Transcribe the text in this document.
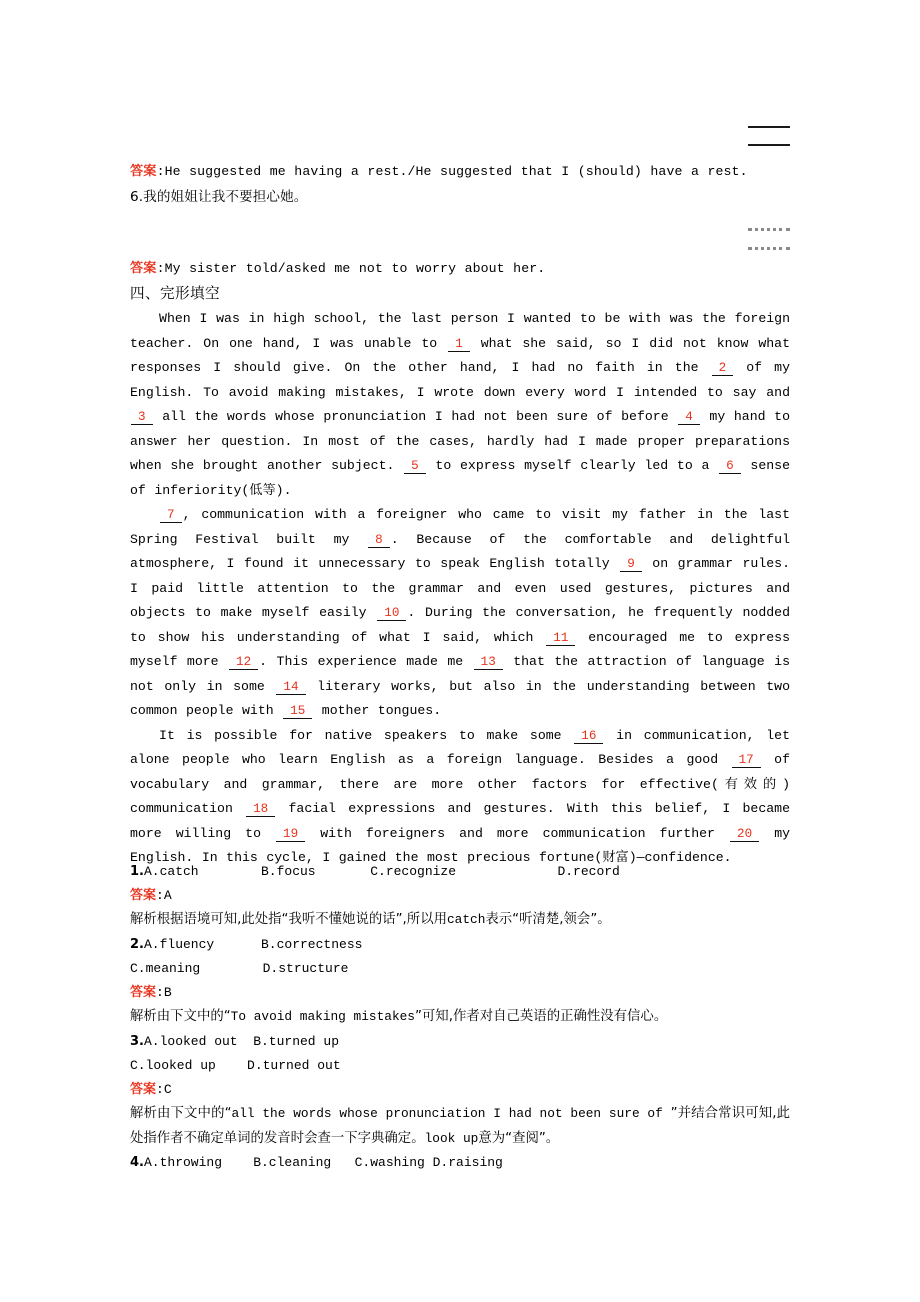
答案:He suggested me having a rest./He suggested that I (should) have a rest.
6.我的姐姐让我不要担心她。
答案:My sister told/asked me not to worry about her.
四、完形填空

When I was in high school, the last person I wanted to be with was the foreign teacher. On one hand, I was unable to 1 what she said, so I did not know what responses I should give. On the other hand, I had no faith in the 2 of my English. To avoid making mistakes, I wrote down every word I intended to say and 3 all the words whose pronunciation I had not been sure of before 4 my hand to answer her question. In most of the cases, hardly had I made proper preparations when she brought another subject. 5 to express myself clearly led to a 6 sense of inferiority(低等).

7 , communication with a foreigner who came to visit my father in the last Spring Festival built my 8 . Because of the comfortable and delightful atmosphere, I found it unnecessary to speak English totally 9 on grammar rules. I paid little attention to the grammar and even used gestures, pictures and objects to make myself easily 10 . During the conversation, he frequently nodded to show his understanding of what I said, which 11 encouraged me to express myself more 12 . This experience made me 13 that the attraction of language is not only in some 14 literary works, but also in the understanding between two common people with 15 mother tongues.

It is possible for native speakers to make some 16 in communication, let alone people who learn English as a foreign language. Besides a good 17 of vocabulary and grammar, there are more other factors for effective(有效的) communication 18 facial expressions and gestures. With this belief, I became more willing to 19 with foreigners and more communication further 20 my English. In this cycle, I gained the most precious fortune(财富)—confidence.

1.A.catch        B.focus       C.recognize             D.record
答案:A
解析根据语境可知,此处指“我听不懂她说的话”,所以用catch表示“听清楚,领会”。
2.A.fluency      B.correctness
C.meaning        D.structure
答案:B
解析由下文中的“To avoid making mistakes”可知,作者对自己英语的正确性没有信心。
3.A.looked out  B.turned up
C.looked up    D.turned out
答案:C
解析由下文中的“all the words whose pronunciation I had not been sure of ”并结合常识可知,此处指作者不确定单词的发音时会查一下字典确定。look up意为“查阅”。
4.A.throwing    B.cleaning   C.washing D.raising
